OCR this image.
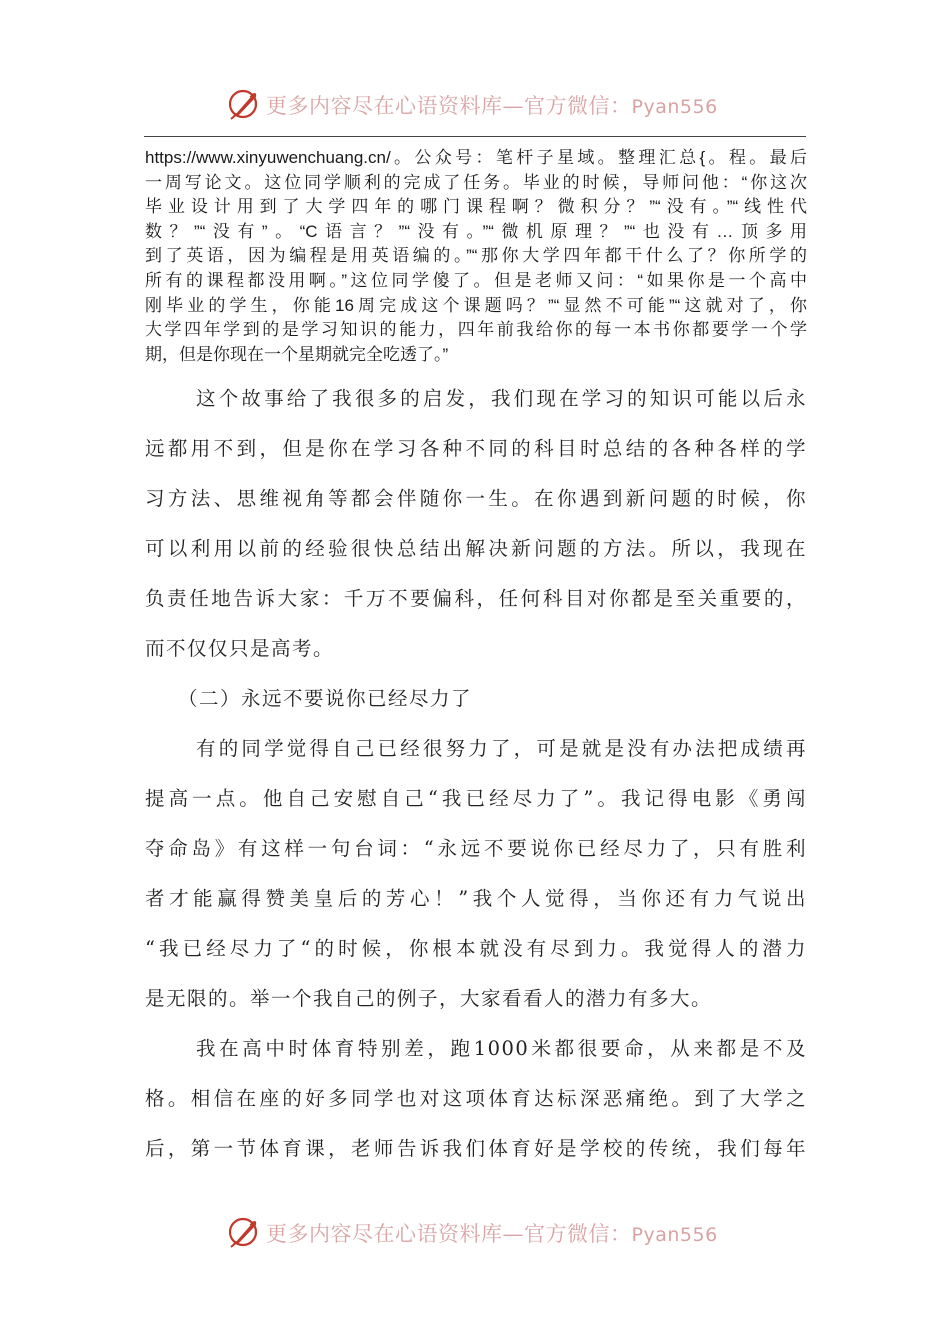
更多内容尽在心语资料库—官方微信：Pyan556
https://www.xinyuwenchuang.cn/。公众号：笔杆子星域。整理汇总{。程。最后
一周写论文。这位同学顺利的完成了任务。毕业的时候，导师问他：“你这次
毕业设计用到了大学四年的哪门课程啊？微积分？”“没有。”“线性代
数？”“没有”。“C语言？”“没有。”“微机原理？”“也没有…顶多用
到了英语，因为编程是用英语编的。”“那你大学四年都干什么了？你所学的
所有的课程都没用啊。”这位同学傻了。但是老师又问：“如果你是一个高中
刚毕业的学生，你能16周完成这个课题吗？”“显然不可能”“这就对了，你
大学四年学到的是学习知识的能力，四年前我给你的每一本书你都要学一个学
期，但是你现在一个星期就完全吃透了。”
这个故事给了我很多的启发，我们现在学习的知识可能以后永
远都用不到，但是你在学习各种不同的科目时总结的各种各样的学
习方法、思维视角等都会伴随你一生。在你遇到新问题的时候，你
可以利用以前的经验很快总结出解决新问题的方法。所以，我现在
负责任地告诉大家：千万不要偏科，任何科目对你都是至关重要的，
而不仅仅只是高考。
（二）永远不要说你已经尽力了
有的同学觉得自己已经很努力了，可是就是没有办法把成绩再
提高一点。他自己安慰自己“我已经尽力了”。我记得电影《勇闯
夺命岛》有这样一句台词：“永远不要说你已经尽力了，只有胜利
者才能赢得赞美皇后的芳心！”我个人觉得，当你还有力气说出
“我已经尽力了“的时候，你根本就没有尽到力。我觉得人的潜力
是无限的。举一个我自己的例子，大家看看人的潜力有多大。
我在高中时体育特别差，跑1000米都很要命，从来都是不及
格。相信在座的好多同学也对这项体育达标深恶痛绝。到了大学之
后，第一节体育课，老师告诉我们体育好是学校的传统，我们每年
更多内容尽在心语资料库—官方微信：Pyan556
